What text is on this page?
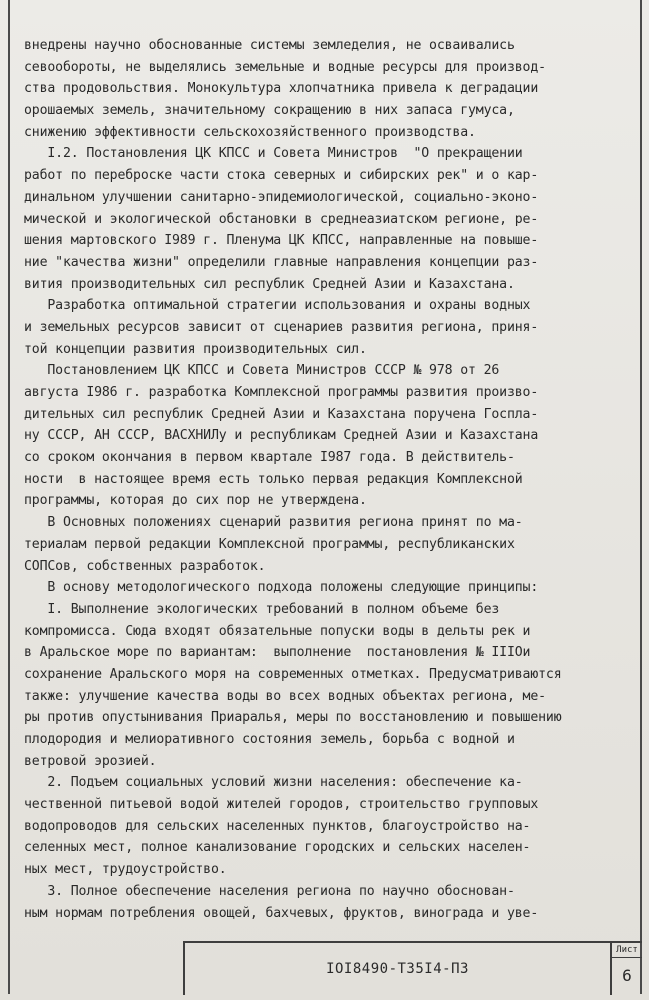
внедрены научно обоснованные системы земледелия, не осваивались
севообороты, не выделялись земельные и водные ресурсы для производ-
ства продовольствия. Монокультура хлопчатника привела к деградации
орошаемых земель, значительному сокращению в них запаса гумуса,
снижению эффективности сельскохозяйственного производства.
I.2. Постановления ЦК КПСС и Совета Министров  "О прекращении
работ по переброске части стока северных и сибирских рек" и о кар-
динальном улучшении санитарно-эпидемиологической, социально-эконо-
мической и экологической обстановки в среднеазиатском регионе, ре-
шения мартовского I989 г. Пленума ЦК КПСС, направленные на повыше-
ние "качества жизни" определили главные направления концепции раз-
вития производительных сил республик Средней Азии и Казахстана.
Разработка оптимальной стратегии использования и охраны водных
и земельных ресурсов зависит от сценариев развития региона, приня-
той концепции развития производительных сил.
Постановлением ЦК КПСС и Совета Министров СССР № 978 от 26
августа I986 г. разработка Комплексной программы развития произво-
дительных сил республик Средней Азии и Казахстана поручена Госпла-
ну СССР, АН СССР, ВАСХНИЛу и республикам Средней Азии и Казахстана
со сроком окончания в первом квартале I987 года. В действитель-
ности  в настоящее время есть только первая редакция Комплексной
программы, которая до сих пор не утверждена.
В Основных положениях сценарий развития региона принят по ма-
териалам первой редакции Комплексной программы, республиканских
СОПСов, собственных разработок.
В основу методологического подхода положены следующие принципы:
I. Выполнение экологических требований в полном объеме без
компромисса. Сюда входят обязательные попуски воды в дельты рек и
в Аральское море по вариантам:  выполнение  постановления № IIIOи
сохранение Аральского моря на современных отметках. Предусматриваются
также: улучшение качества воды во всех водных объектах региона, ме-
ры против опустынивания Приаралья, меры по восстановлению и повышению
плодородия и мелиоративного состояния земель, борьба с водной и
ветровой эрозией.
2. Подъем социальных условий жизни населения: обеспечение ка-
чественной питьевой водой жителей городов, строительство групповых
водопроводов для сельских населенных пунктов, благоустройство на-
селенных мест, полное канализование городских и сельских населен-
ных мест, трудоустройство.
3. Полное обеспечение населения региона по научно обоснован-
ным нормам потребления овощей, бахчевых, фруктов, винограда и уве-
IOI8490-Т35I4-П3
Лист
6
